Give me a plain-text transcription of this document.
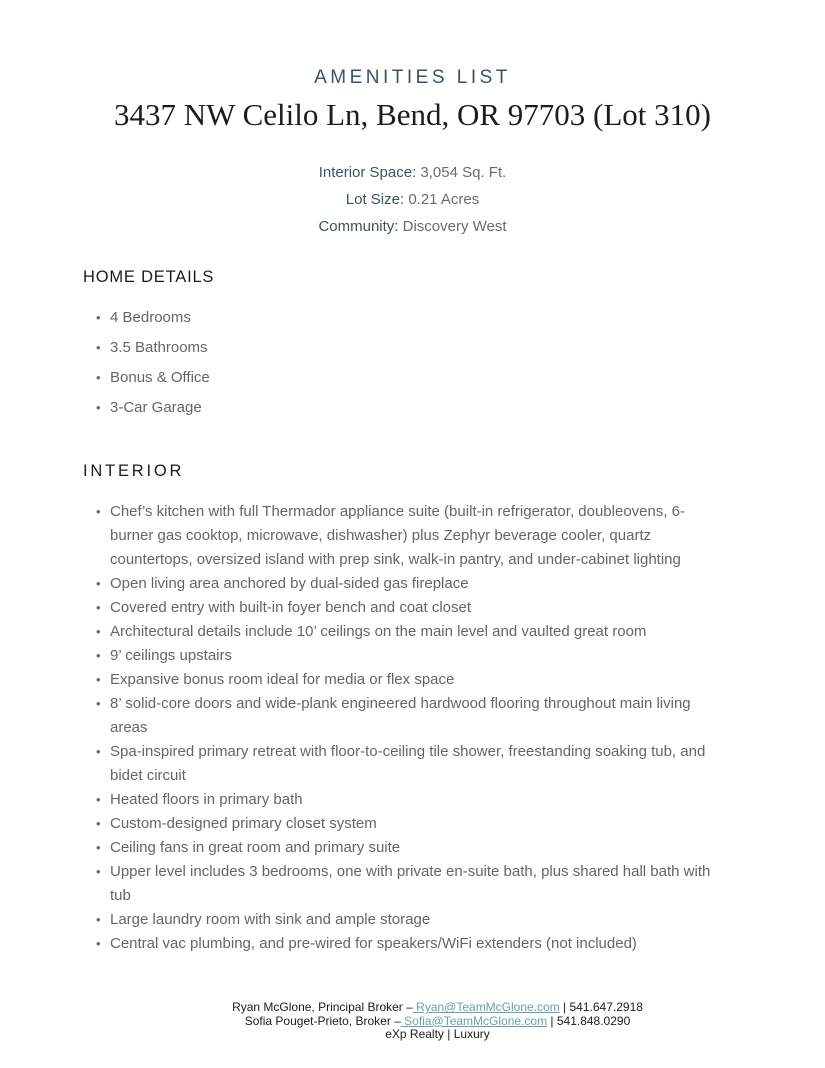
AMENITIES LIST
3437 NW Celilo Ln, Bend, OR 97703 (Lot 310)
Interior Space: 3,054 Sq. Ft.
Lot Size: 0.21 Acres
Community: Discovery West
HOME DETAILS
• 4 Bedrooms
• 3.5 Bathrooms
• Bonus & Office
• 3-Car Garage
INTERIOR
• Chef’s kitchen with full Thermador appliance suite (built-in refrigerator, doubleovens, 6-burner gas cooktop, microwave, dishwasher) plus Zephyr beverage cooler, quartz countertops, oversized island with prep sink, walk-in pantry, and under-cabinet lighting
• Open living area anchored by dual-sided gas fireplace
• Covered entry with built-in foyer bench and coat closet
• Architectural details include 10’ ceilings on the main level and vaulted great room
• 9’ ceilings upstairs
• Expansive bonus room ideal for media or flex space
• 8’ solid-core doors and wide-plank engineered hardwood flooring throughout main living areas
• Spa-inspired primary retreat with floor-to-ceiling tile shower, freestanding soaking tub, and bidet circuit
• Heated floors in primary bath
• Custom-designed primary closet system
• Ceiling fans in great room and primary suite
• Upper level includes 3 bedrooms, one with private en-suite bath, plus shared hall bath with tub
• Large laundry room with sink and ample storage
• Central vac plumbing, and pre-wired for speakers/WiFi extenders (not included)
Ryan McGlone, Principal Broker – Ryan@TeamMcGlone.com | 541.647.2918
Sofia Pouget-Prieto, Broker – Sofia@TeamMcGlone.com | 541.848.0290
eXp Realty | Luxury
